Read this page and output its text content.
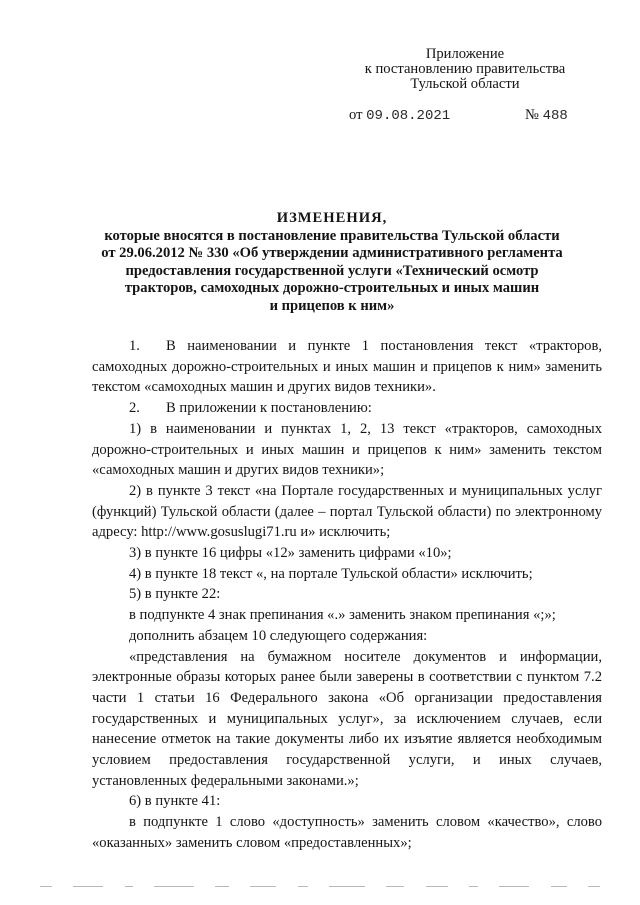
Приложение
к постановлению правительства
Тульской области
от 09.08.2021	№ 488
ИЗМЕНЕНИЯ,
которые вносятся в постановление правительства Тульской области
от 29.06.2012 № 330 «Об утверждении административного регламента
предоставления государственной услуги «Технический осмотр
тракторов, самоходных дорожно-строительных и иных машин
и прицепов к ним»

1. В наименовании и пункте 1 постановления текст «тракторов, самоходных дорожно-строительных и иных машин и прицепов к ним» заменить текстом «самоходных машин и других видов техники».

2. В приложении к постановлению:

1) в наименовании и пунктах 1, 2, 13 текст «тракторов, самоходных дорожно-строительных и иных машин и прицепов к ним» заменить текстом «самоходных машин и других видов техники»;

2) в пункте 3 текст «на Портале государственных и муниципальных услуг (функций) Тульской области (далее – портал Тульской области) по электронному адресу: http://www.gosuslugi71.ru и» исключить;

3) в пункте 16 цифры «12» заменить цифрами «10»;

4) в пункте 18 текст «, на портале Тульской области» исключить;

5) в пункте 22:

в подпункте 4 знак препинания «.» заменить знаком препинания «;»;

дополнить абзацем 10 следующего содержания:

«представления на бумажном носителе документов и информации, электронные образы которых ранее были заверены в соответствии с пунктом 7.2 части 1 статьи 16 Федерального закона «Об организации предоставления государственных и муниципальных услуг», за исключением случаев, если нанесение отметок на такие документы либо их изъятие является необходимым условием предоставления государственной услуги, и иных случаев, установленных федеральными законами.»;

6) в пункте 41:

в подпункте 1 слово «доступность» заменить словом «качество», слово «оказанных» заменить словом «предоставленных»;
